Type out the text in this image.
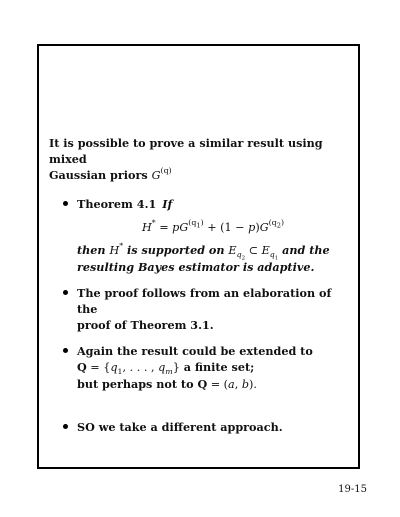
It is possible to prove a similar result using mixed
Gaussian priors $G^{(q)}$

Theorem 4.1 If
$H^* = pG^{(q_1)} + (1 - p)G^{(q_2)}$
then H* is supported on $E_{q_2}$ ⊂ $E_{q_1}$ and the
resulting Bayes estimator is adaptive.
The proof follows from an elaboration of the
proof of Theorem 3.1.
Again the result could be extended to
$Q = \{q_1$, . . . , $q_m$} a finite set;
but perhaps not to Q = (a, b).
SO we take a different approach.
19-15
